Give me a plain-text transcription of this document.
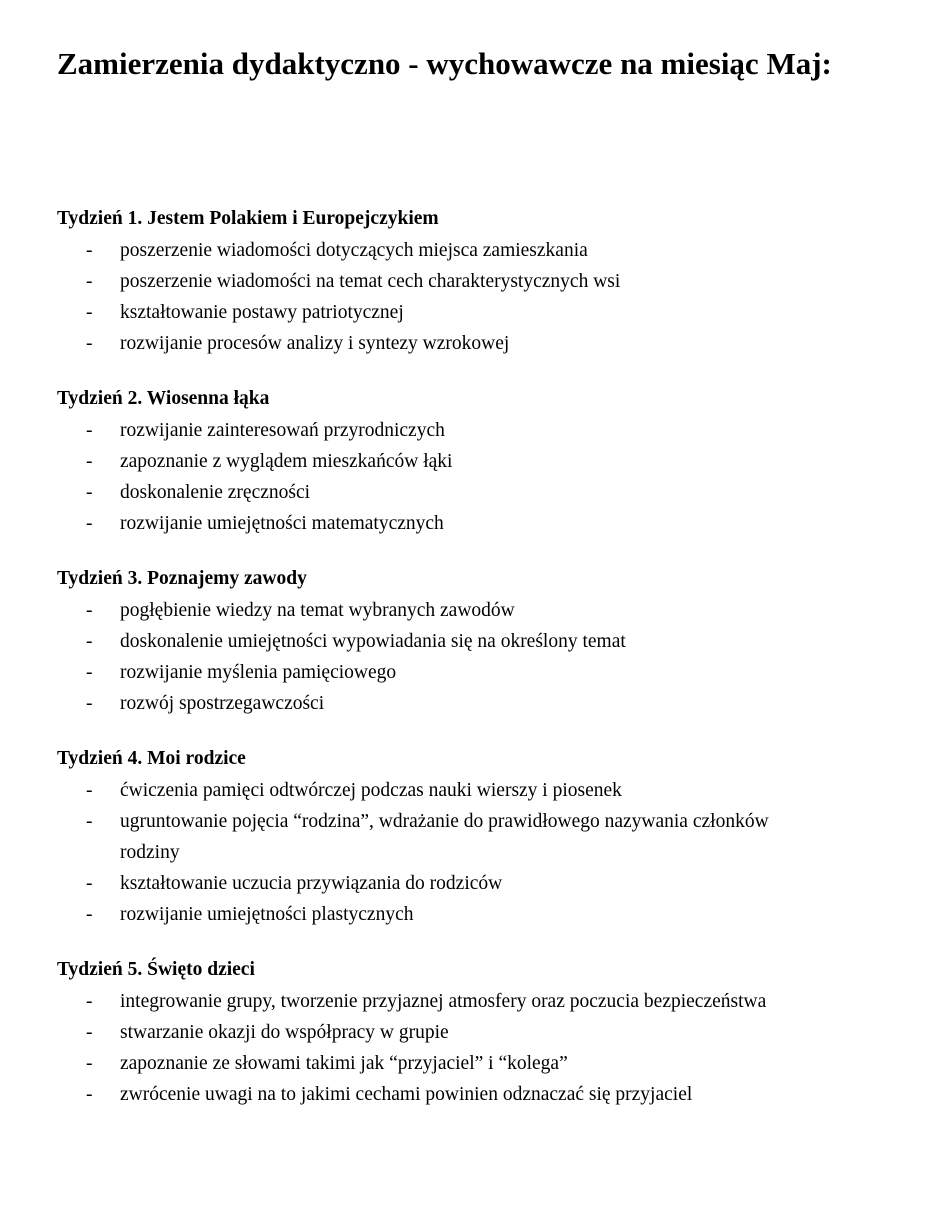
Zamierzenia dydaktyczno - wychowawcze na miesiąc Maj:
Tydzień 1. Jestem Polakiem i Europejczykiem
- poszerzenie wiadomości dotyczących miejsca zamieszkania
- poszerzenie wiadomości na temat cech charakterystycznych wsi
- kształtowanie postawy patriotycznej
- rozwijanie procesów analizy i syntezy wzrokowej
Tydzień 2. Wiosenna łąka
- rozwijanie zainteresowań przyrodniczych
- zapoznanie z wyglądem mieszkańców łąki
- doskonalenie zręczności
- rozwijanie umiejętności matematycznych
Tydzień 3. Poznajemy zawody
- pogłębienie wiedzy na temat wybranych zawodów
- doskonalenie umiejętności wypowiadania się na określony temat
- rozwijanie myślenia pamięciowego
- rozwój spostrzegawczości
Tydzień 4. Moi rodzice
- ćwiczenia pamięci odtwórczej podczas nauki wierszy i piosenek
- ugruntowanie pojęcia “rodzina”, wdrażanie do prawidłowego nazywania członków rodziny
- kształtowanie uczucia przywiązania do rodziców
- rozwijanie umiejętności plastycznych
Tydzień 5. Święto dzieci
- integrowanie grupy, tworzenie przyjaznej atmosfery oraz poczucia bezpieczeństwa
- stwarzanie okazji do współpracy w grupie
- zapoznanie ze słowami takimi jak “przyjaciel” i “kolega”
- zwrócenie uwagi na to jakimi cechami powinien odznaczać się przyjaciel
